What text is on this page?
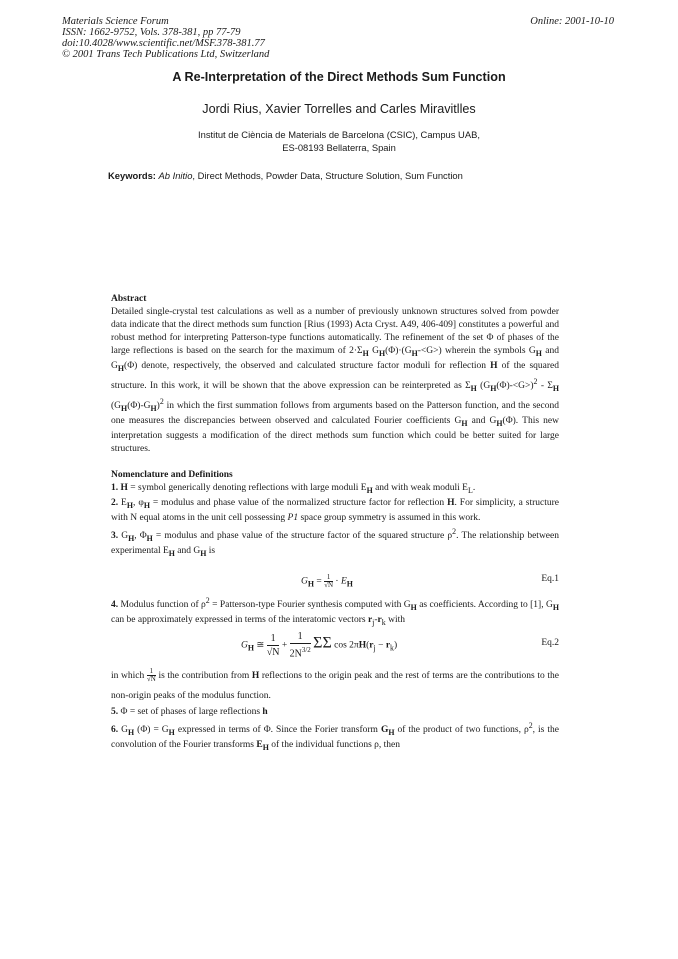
Materials Science Forum
ISSN: 1662-9752, Vols. 378-381, pp 77-79
doi:10.4028/www.scientific.net/MSF.378-381.77
© 2001 Trans Tech Publications Ltd, Switzerland
Online: 2001-10-10
A Re-Interpretation of the Direct Methods Sum Function
Jordi Rius, Xavier Torrelles and Carles Miravitlles
Institut de Ciència de Materials de Barcelona (CSIC), Campus UAB,
ES-08193 Bellaterra, Spain
Keywords: Ab Initio, Direct Methods, Powder Data, Structure Solution, Sum Function
Abstract

Detailed single-crystal test calculations as well as a number of previously unknown structures solved from powder data indicate that the direct methods sum function [Rius (1993) Acta Cryst. A49, 406-409] constitutes a powerful and robust method for interpreting Patterson-type functions automatically. The refinement of the set Φ of phases of the large reflections is based on the search for the maximum of $2\cdot\Sigma_H$ $G_H(\Phi)\cdot(G_H-<G>)$ wherein the symbols $G_H$ and $G_H(\Phi)$ denote, respectively, the observed and calculated structure factor moduli for reflection H of the squared structure. In this work, it will be shown that the above expression can be reinterpreted as $\Sigma_H$ $(G_H(\Phi)-<G>)^2 - \Sigma_H$ $(G_H(\Phi)-G_H)^2$ in which the first summation follows from arguments based on the Patterson function, and the second one measures the discrepancies between observed and calculated Fourier coefficients $G_H$ and $G_H(\Phi)$. This new interpretation suggests a modification of the direct methods sum function which could be better suited for large structures.

Nomenclature and Definitions

1. H = symbol generically denoting reflections with large moduli $E_H$ and with weak moduli $E_L$.

2. $E_H$, $\varphi_H$ = modulus and phase value of the normalized structure factor for reflection H. For simplicity, a structure with N equal atoms in the unit cell possessing P1 space group symmetry is assumed in this work.

3. $G_H$, $\Phi_H$ = modulus and phase value of the structure factor of the squared structure $\rho^2$. The relationship between experimental $E_H$ and $G_H$ is

$G_H = \frac{1}{√N} \cdot E_H$
Eq.1

4. Modulus function of $\rho^2$ = Patterson-type Fourier synthesis computed with $G_H$ as coefficients. According to [1], $G_H$ can be approximately expressed in terms of the interatomic vectors $r_j-r_k$ with

$G_H$ ≅ $\frac{1}{√N} + \frac{1}{2N^{3/2}}$ ΣΣ $\cos 2\pi H(r_j - r_k)$	Eq.2

in which $\frac{1}{√N}$ is the contribution from H reflections to the origin peak and the rest of terms are the contributions to the non-origin peaks of the modulus function.

5. Φ = set of phases of large reflections h

6. $G_H$ $(\Phi) = G_H$ expressed in terms of Φ. Since the Forier transform $G_H$ of the product of two functions, $\rho^2$, is the convolution of the Fourier transforms $E_H$ of the individual functions ρ, then
